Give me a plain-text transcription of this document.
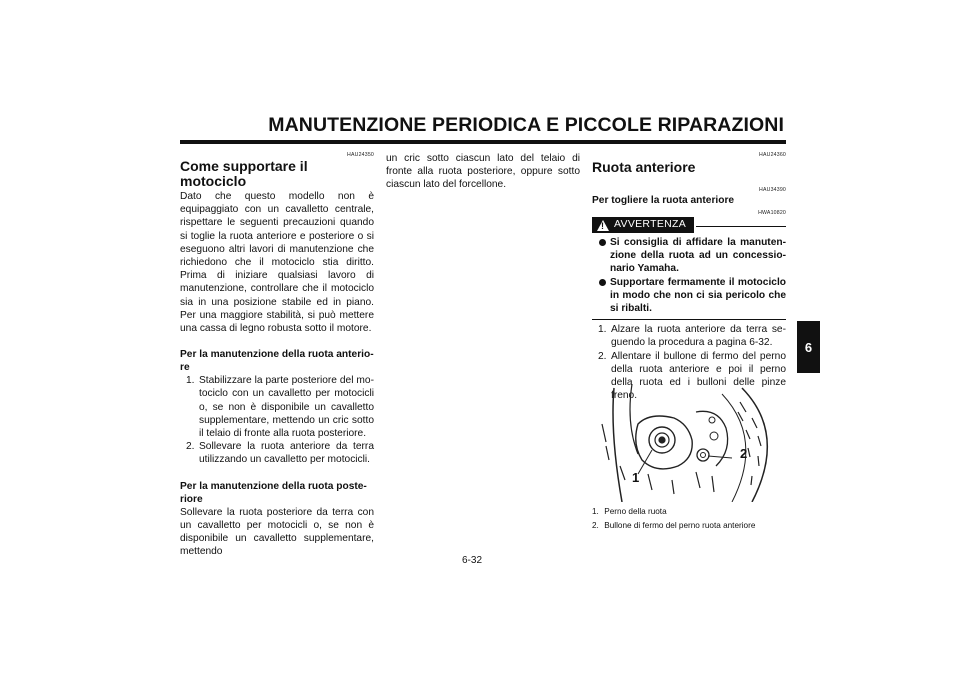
MANUTENZIONE PERIODICA E PICCOLE RIPARAZIONI
HAU24350
Come supportare il motociclo

Dato che questo modello non è equipaggiato con un cavalletto centrale, rispettare le seguenti precauzioni quando si toglie la ruota anteriore e posteriore o si eseguono altri lavori di manutenzione che richiedono che il motociclo stia diritto. Prima di iniziare qualsiasi lavoro di manutenzione, controllare che il motociclo sia in una posizione stabile ed in piano. Per una maggiore stabilità, si può mettere una cassa di legno robusta sotto il motore.

Per la manutenzione della ruota anteriore
1. Stabilizzare la parte posteriore del motociclo con un cavalletto per motocicli o, se non è disponibile un cavalletto supplementare, mettendo un cric sotto il telaio di fronte alla ruota posteriore.
2. Sollevare la ruota anteriore da terra utilizzando un cavalletto per motocicli.
Per la manutenzione della ruota posteriore

Sollevare la ruota posteriore da terra con un cavalletto per motocicli o, se non è disponibile un cavalletto supplementare, mettendo

un cric sotto ciascun lato del telaio di fronte alla ruota posteriore, oppure sotto ciascun lato del forcellone.

HAU24360
Ruota anteriore
HAU34390
Per togliere la ruota anteriore
HWA10820
! AVVERTENZA
Si consiglia di affidare la manutenzione della ruota ad un concessionario Yamaha.
Supportare fermamente il motociclo in modo che non ci sia pericolo che si ribalti.
1. Alzare la ruota anteriore da terra seguendo la procedura a pagina 6-32.
2. Allentare il bullone di fermo del perno della ruota anteriore e poi il perno della ruota ed i bulloni delle pinze freno.
1
2
1. Perno della ruota
2. Bullone di fermo del perno ruota anteriore
6
6-32
